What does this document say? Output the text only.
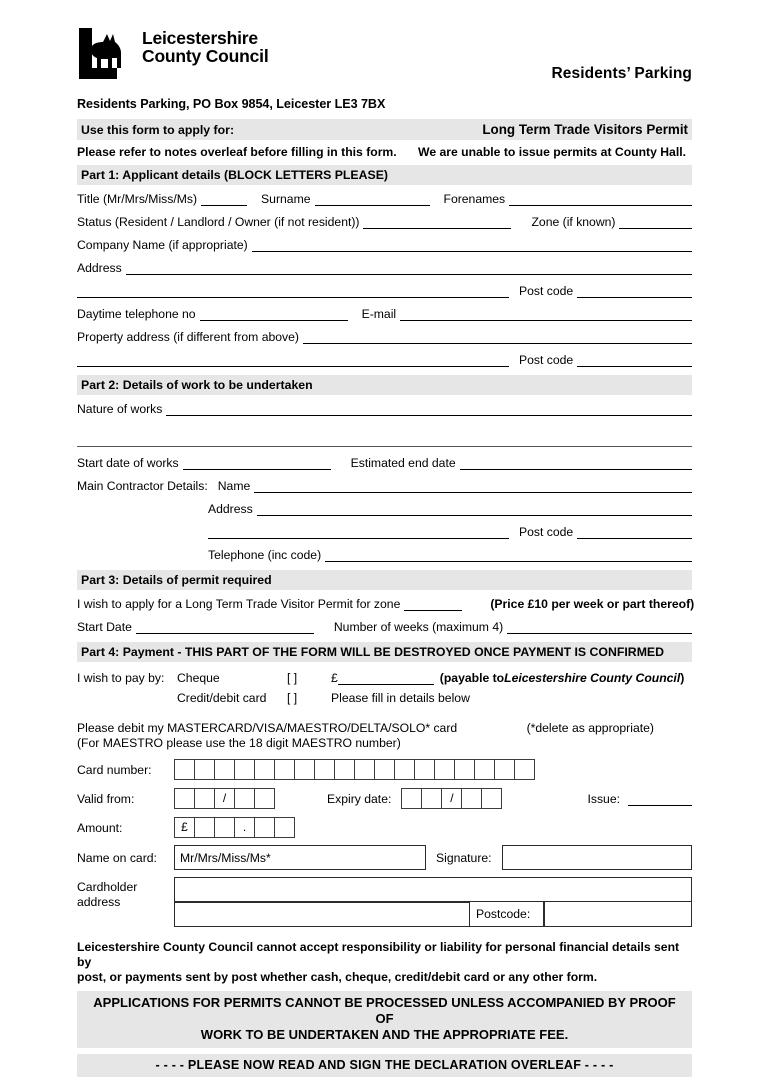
Leicestershire
County Council
Residents’ Parking
Residents Parking, PO Box 9854, Leicester LE3 7BX
Use this form to apply for:	Long Term Trade Visitors Permit
Please refer to notes overleaf before filling in this form. We are unable to issue permits at County Hall.
Part 1: Applicant details (BLOCK LETTERS PLEASE)
Title (Mr/Mrs/Miss/Ms)	Surname	Forenames
Status (Resident / Landlord / Owner (if not resident))	Zone (if known)
Company Name (if appropriate)
Address
Post code
Daytime telephone no	E-mail
Property address (if different from above)
Post code
Part 2: Details of work to be undertaken
Nature of works
Start date of works	Estimated end date
Main Contractor Details: Name
Address
Post code
Telephone (inc code)
Part 3: Details of permit required
I wish to apply for a Long Term Trade Visitor Permit for zone	(Price £10 per week or part thereof)
Start Date	Number of weeks (maximum 4)
Part 4: Payment - THIS PART OF THE FORM WILL BE DESTROYED ONCE PAYMENT IS CONFIRMED
I wish to pay by:	Cheque	[ ]	£	(payable to Leicestershire County Council )
Credit/debit card	[ ]	Please fill in details below
Please debit my MASTERCARD/VISA/MAESTRO/DELTA/SOLO* card	(*delete as appropriate)
(For MAESTRO please use the 18 digit MAESTRO number)
Card number:
Valid from:	/	Expiry date:	/	Issue:
Amount:	£	.
Name on card:	Mr/Mrs/Miss/Ms*	Signature:
Cardholder
address
Postcode:
Leicestershire County Council cannot accept responsibility or liability for personal financial details sent by
post, or payments sent by post whether cash, cheque, credit/debit card or any other form.
APPLICATIONS FOR PERMITS CANNOT BE PROCESSED UNLESS ACCOMPANIED BY PROOF OF
WORK TO BE UNDERTAKEN AND THE APPROPRIATE FEE.
- - - - PLEASE NOW READ AND SIGN THE DECLARATION OVERLEAF - - - -
